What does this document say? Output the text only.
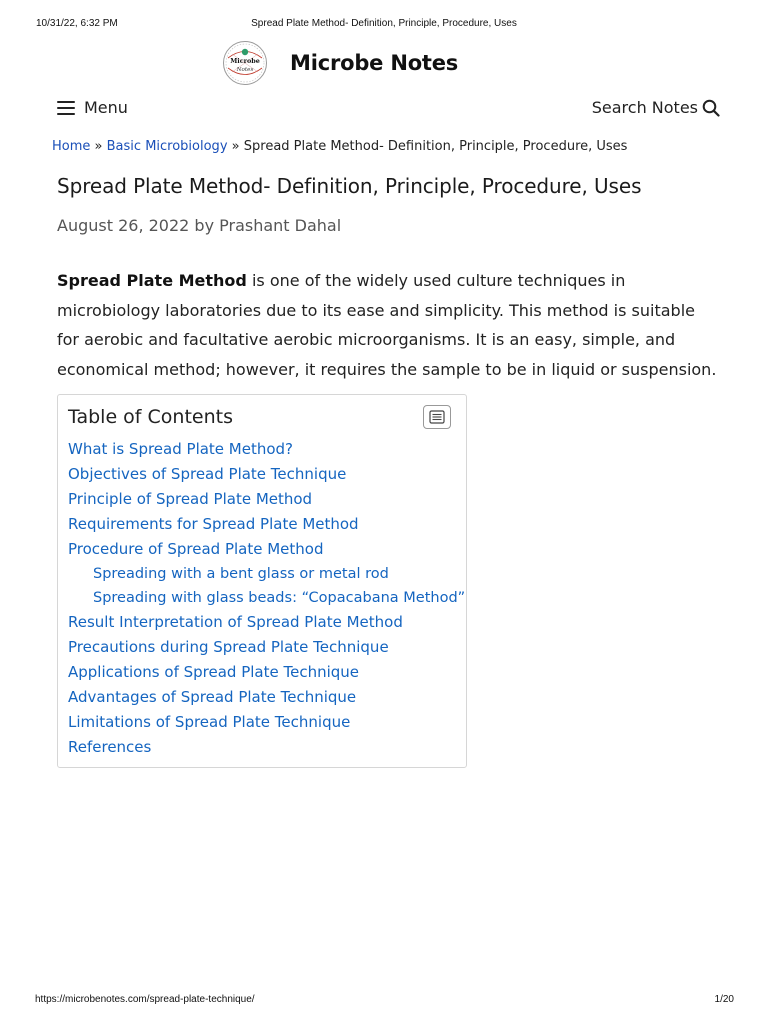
10/31/22, 6:32 PM	Spread Plate Method- Definition, Principle, Procedure, Uses
Microbe
Notes Microbe Notes
Menu	Search Notes
Home » Basic Microbiology » Spread Plate Method- Definition, Principle, Procedure, Uses
Spread Plate Method- Definition, Principle, Procedure, Uses
August 26, 2022 by Prashant Dahal

Spread Plate Method is one of the widely used culture techniques in microbiology laboratories due to its ease and simplicity. This method is suitable for aerobic and facultative aerobic microorganisms. It is an easy, simple, and economical method; however, it requires the sample to be in liquid or suspension.

Table of Contents
What is Spread Plate Method?
Objectives of Spread Plate Technique
Principle of Spread Plate Method
Requirements for Spread Plate Method
Procedure of Spread Plate Method
Spreading with a bent glass or metal rod
Spreading with glass beads: “Copacabana Method”
Result Interpretation of Spread Plate Method
Precautions during Spread Plate Technique
Applications of Spread Plate Technique
Advantages of Spread Plate Technique
Limitations of Spread Plate Technique
References
https://microbenotes.com/spread-plate-technique/	1/20
